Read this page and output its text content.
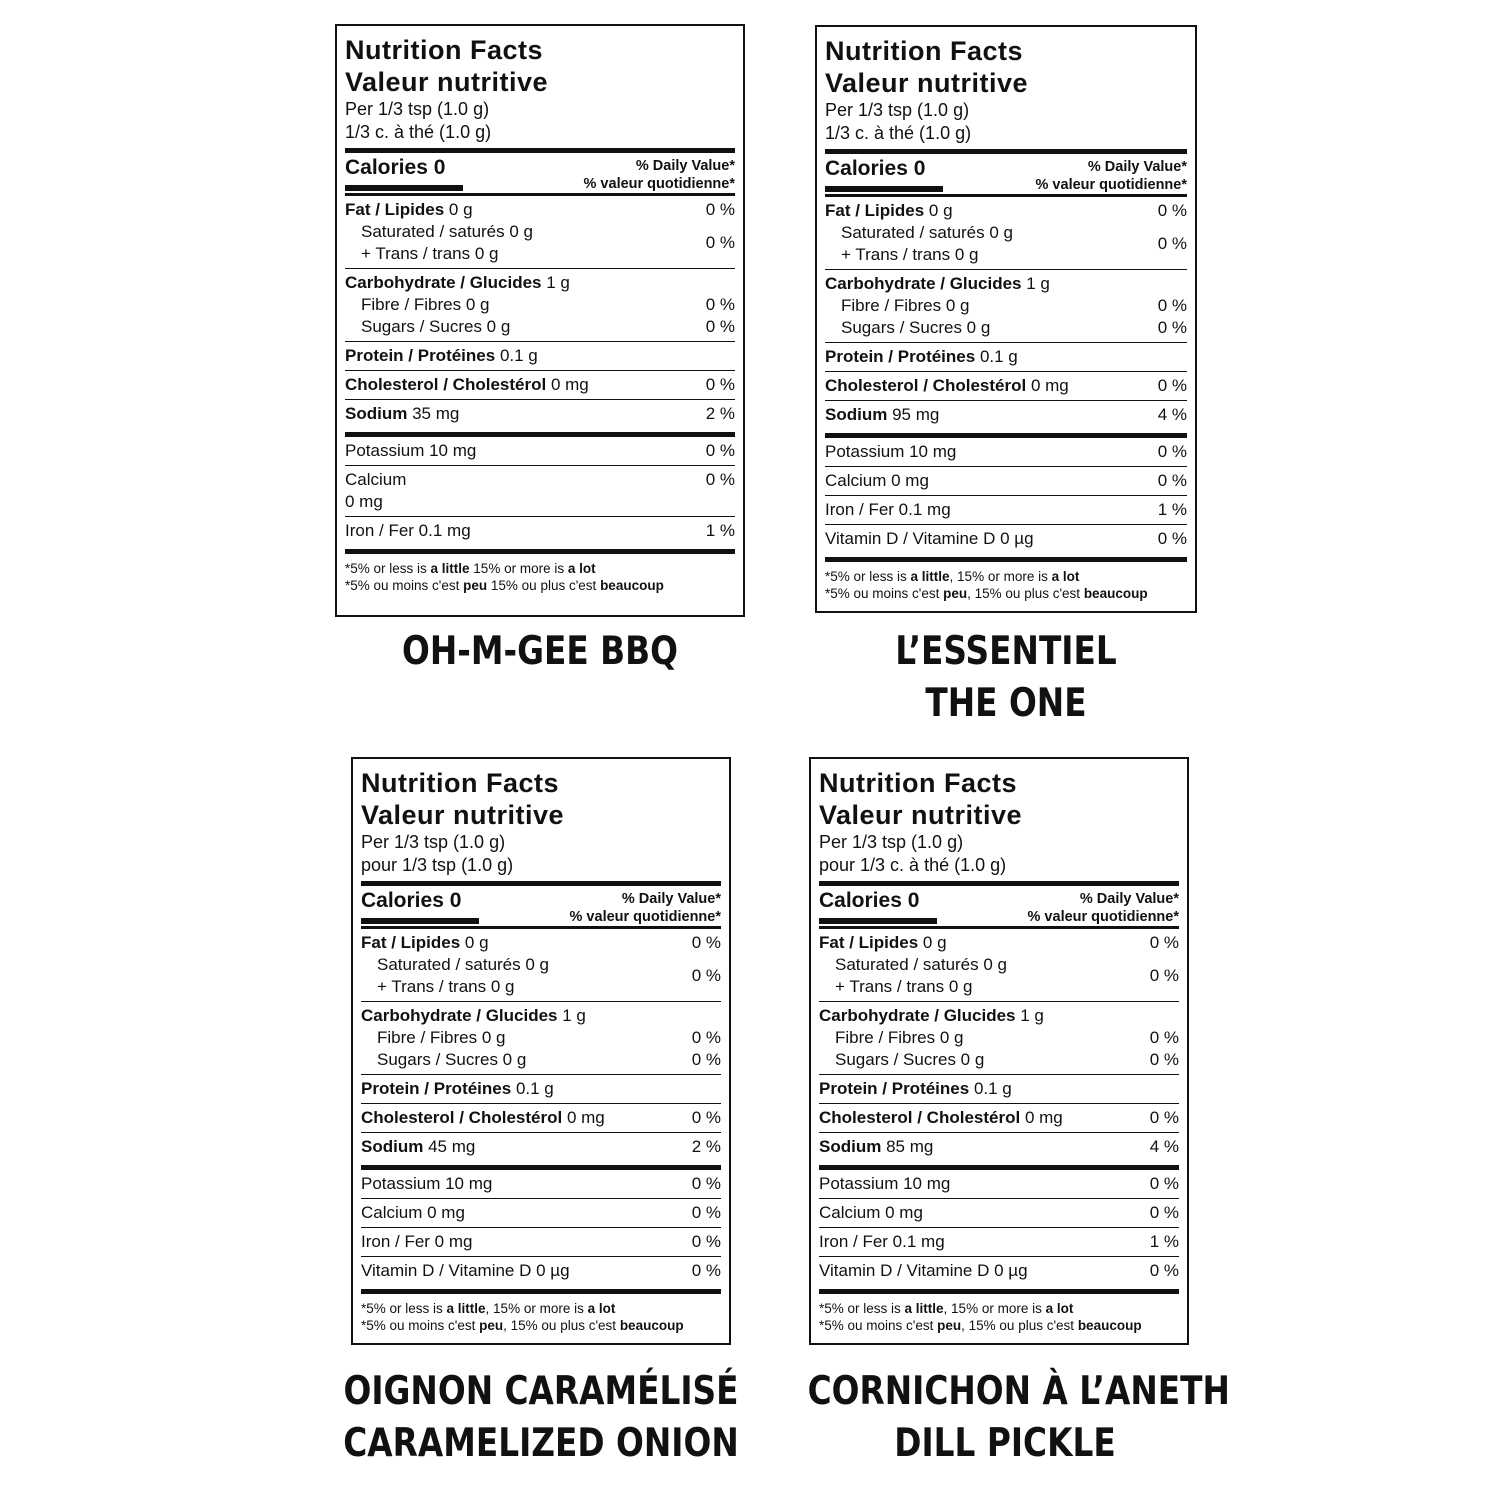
Nutrition Facts
Valeur nutritive
Per 1/3 tsp (1.0 g)
1/3 c. à thé (1.0 g)
Calories 0	% Daily Value*
% valeur quotidienne*
Fat / Lipides 0 g	0 %
Saturated / saturés 0 g
+ Trans / trans 0 g
0 %
Carbohydrate / Glucides 1 g
Fibre / Fibres 0 g	0 %
Sugars / Sucres 0 g	0 %
Protein / Protéines 0.1 g
Cholesterol / Cholestérol 0 mg	0 %
Sodium 35 mg	2 %
Potassium 10 mg	0 %
Calcium
0 mg
0 %
Iron / Fer 0.1 mg	1 %
*5% or less is a little 15% or more is a lot
*5% ou moins c'est peu 15% ou plus c'est beaucoup
OH-M-GEE BBQ
Nutrition Facts
Valeur nutritive
Per 1/3 tsp (1.0 g)
1/3 c. à thé (1.0 g)
Calories 0	% Daily Value*
% valeur quotidienne*
Fat / Lipides 0 g	0 %
Saturated / saturés 0 g
+ Trans / trans 0 g
0 %
Carbohydrate / Glucides 1 g
Fibre / Fibres 0 g	0 %
Sugars / Sucres 0 g	0 %
Protein / Protéines 0.1 g
Cholesterol / Cholestérol 0 mg	0 %
Sodium 95 mg	4 %
Potassium 10 mg	0 %
Calcium 0 mg	0 %
Iron / Fer 0.1 mg	1 %
Vitamin D / Vitamine D 0 µg	0 %
*5% or less is a little, 15% or more is a lot
*5% ou moins c'est peu, 15% ou plus c'est beaucoup
L’ESSENTIEL
THE ONE
Nutrition Facts
Valeur nutritive
Per 1/3 tsp (1.0 g)
pour 1/3 tsp (1.0 g)
Calories 0	% Daily Value*
% valeur quotidienne*
Fat / Lipides 0 g	0 %
Saturated / saturés 0 g
+ Trans / trans 0 g
0 %
Carbohydrate / Glucides 1 g
Fibre / Fibres 0 g	0 %
Sugars / Sucres 0 g	0 %
Protein / Protéines 0.1 g
Cholesterol / Cholestérol 0 mg	0 %
Sodium 45 mg	2 %
Potassium 10 mg	0 %
Calcium 0 mg	0 %
Iron / Fer 0 mg	0 %
Vitamin D / Vitamine D 0 µg	0 %
*5% or less is a little, 15% or more is a lot
*5% ou moins c'est peu, 15% ou plus c'est beaucoup
OIGNON CARAMÉLISÉ
CARAMELIZED ONION
Nutrition Facts
Valeur nutritive
Per 1/3 tsp (1.0 g)
pour 1/3 c. à thé (1.0 g)
Calories 0	% Daily Value*
% valeur quotidienne*
Fat / Lipides 0 g	0 %
Saturated / saturés 0 g
+ Trans / trans 0 g
0 %
Carbohydrate / Glucides 1 g
Fibre / Fibres 0 g	0 %
Sugars / Sucres 0 g	0 %
Protein / Protéines 0.1 g
Cholesterol / Cholestérol 0 mg	0 %
Sodium 85 mg	4 %
Potassium 10 mg	0 %
Calcium 0 mg	0 %
Iron / Fer 0.1 mg	1 %
Vitamin D / Vitamine D 0 µg	0 %
*5% or less is a little, 15% or more is a lot
*5% ou moins c'est peu, 15% ou plus c'est beaucoup
CORNICHON À L’ANETH
DILL PICKLE
